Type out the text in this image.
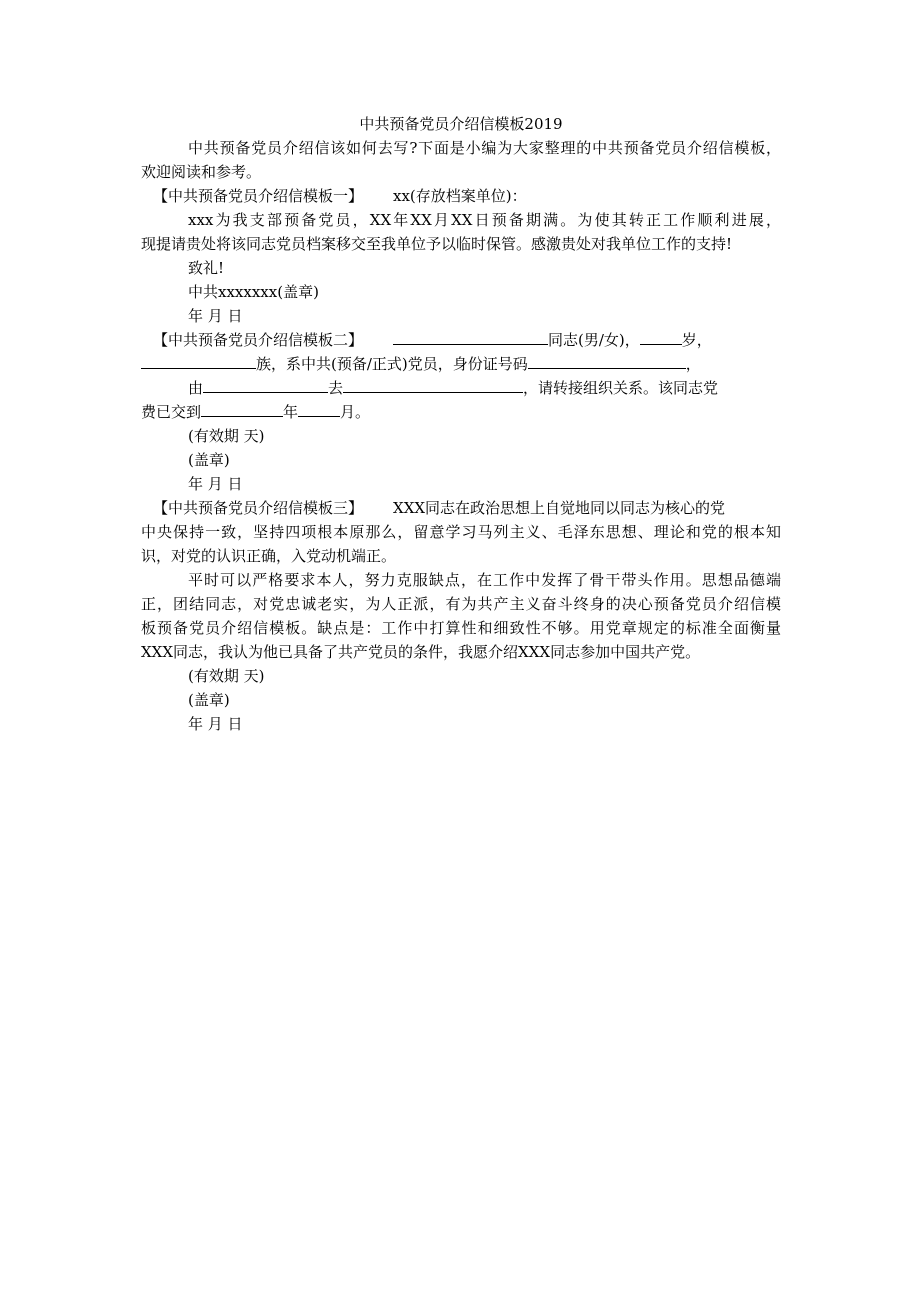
中共预备党员介绍信模板2019
中共预备党员介绍信该如何去写?下面是小编为大家整理的中共预备党员介绍信模板，
欢迎阅读和参考。
【中共预备党员介绍信模板一】 xx(存放档案单位)：
xxx为我支部预备党员，XX年XX月XX日预备期满。为使其转正工作顺利进展，
现提请贵处将该同志党员档案移交至我单位予以临时保管。感激贵处对我单位工作的支持!
致礼!
中共xxxxxxx(盖章)
年 月 日
【中共预备党员介绍信模板二】	同志(男/女)，	岁，
族，系中共(预备/正式)党员，身份证号码	，
由	去	，请转接组织关系。该同志党
费已交到	年	月。
(有效期 天)
(盖章)
年 月 日
【中共预备党员介绍信模板三】 XXX同志在政治思想上自觉地同以同志为核心的党
中央保持一致，坚持四项根本原那么，留意学习马列主义、毛泽东思想、理论和党的根本知
识，对党的认识正确，入党动机端正。
平时可以严格要求本人，努力克服缺点，在工作中发挥了骨干带头作用。思想品德端
正，团结同志，对党忠诚老实，为人正派，有为共产主义奋斗终身的决心预备党员介绍信模
板预备党员介绍信模板。缺点是：工作中打算性和细致性不够。用党章规定的标准全面衡量
XXX同志，我认为他已具备了共产党员的条件，我愿介绍XXX同志参加中国共产党。
(有效期 天)
(盖章)
年 月 日
